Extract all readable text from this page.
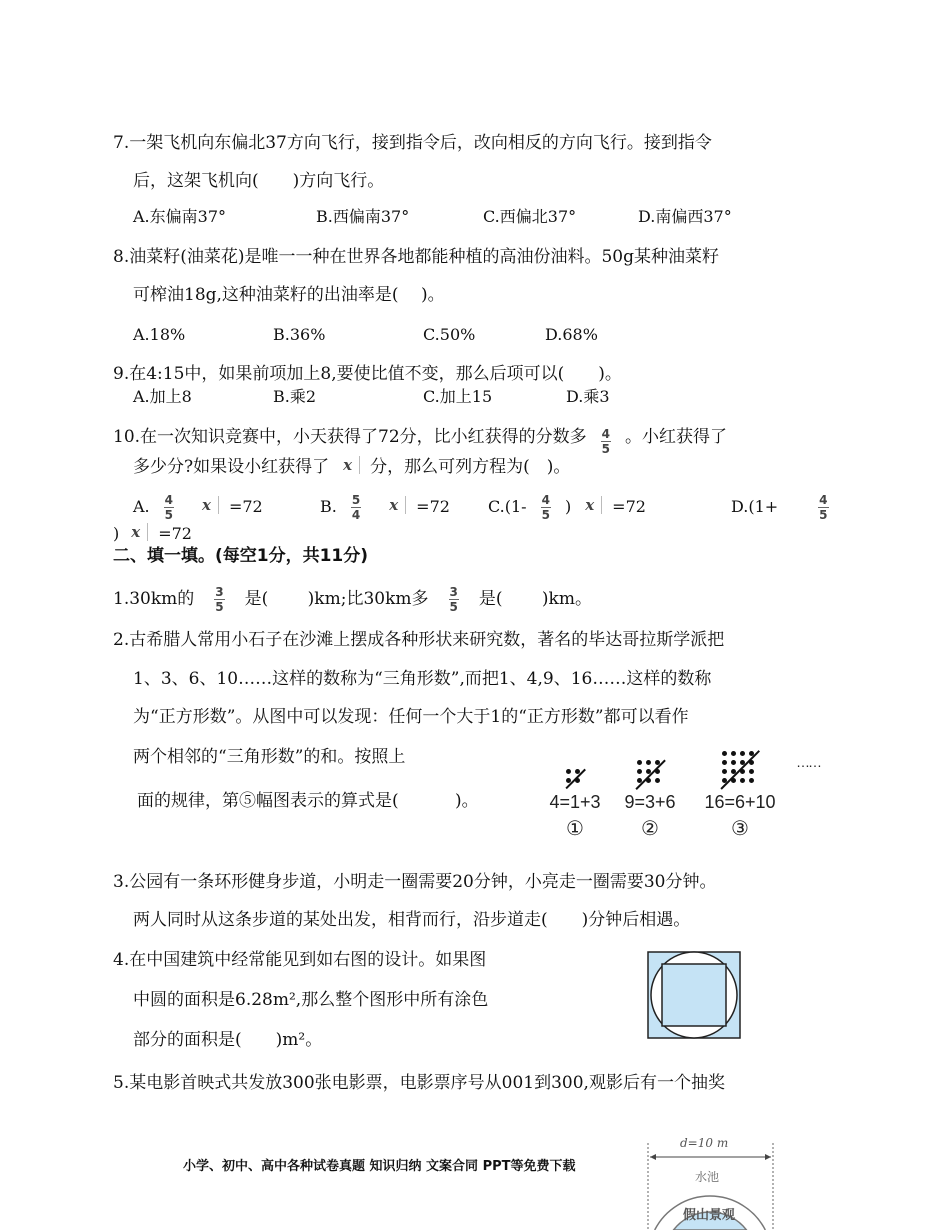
7.一架飞机向东偏北37方向飞行，接到指令后，改向相反的方向飞行。接到指令
后，这架飞机向(　　)方向飞行。
A.东偏南37°	B.西偏南37°	C.西偏北37°	D.南偏西37°
8.油菜籽(油菜花)是唯一一种在世界各地都能种植的高油份油料。50g某种油菜籽
可榨油18g,这种油菜籽的出油率是(　 )。
A.18%	B.36%	C.50%	D.68%
9.在4:15中，如果前项加上8,要使比值不变，那么后项可以(　　)。
A.加上8	B.乘2	C.加上15	D.乘3
10.在一次知识竞赛中，小天获得了72分，比小红获得的分数多 $\frac{4}{5}$ 。小红获得了
多少分?如果设小红获得了 x 分，那么可列方程为(　)。
A. $\frac{4}{5}$ x =72	B. $\frac{5}{4}$ x =72 $C.(1- \frac{4}{5}$ ) x =72	D.(1+	$\frac{4}{5}$
) x =72
二、填一填。(每空1分，共11分)
1.30km的 $\frac{3}{5}$ 是(　　 )km;比30km多 $\frac{3}{5}$ 是(　　 )km。
2.古希腊人常用小石子在沙滩上摆成各种形状来研究数，著名的毕达哥拉斯学派把
1、3、6、10……这样的数称为“三角形数”,而把1、4,9、16……这样的数称
为“正方形数”。从图中可以发现：任何一个大于1的“正方形数”都可以看作
两个相邻的“三角形数”的和。按照上
面的规律，第⑤幅图表示的算式是(　　　 )。	4=1+3
①
9=3+6
②
16=6+10
③
……
3.公园有一条环形健身步道，小明走一圈需要20分钟，小亮走一圈需要30分钟。
两人同时从这条步道的某处出发，相背而行，沿步道走(　　)分钟后相遇。
4.在中国建筑中经常能见到如右图的设计。如果图
中圆的面积是6.28m²,那么整个图形中所有涂色
部分的面积是(　　)m²。
5.某电影首映式共发放300张电影票，电影票序号从001到300,观影后有一个抽奖
小学、初中、高中各种试卷真题 知识归纳 文案合同 PPT等免费下载
d=10 m
水池
假山景观
